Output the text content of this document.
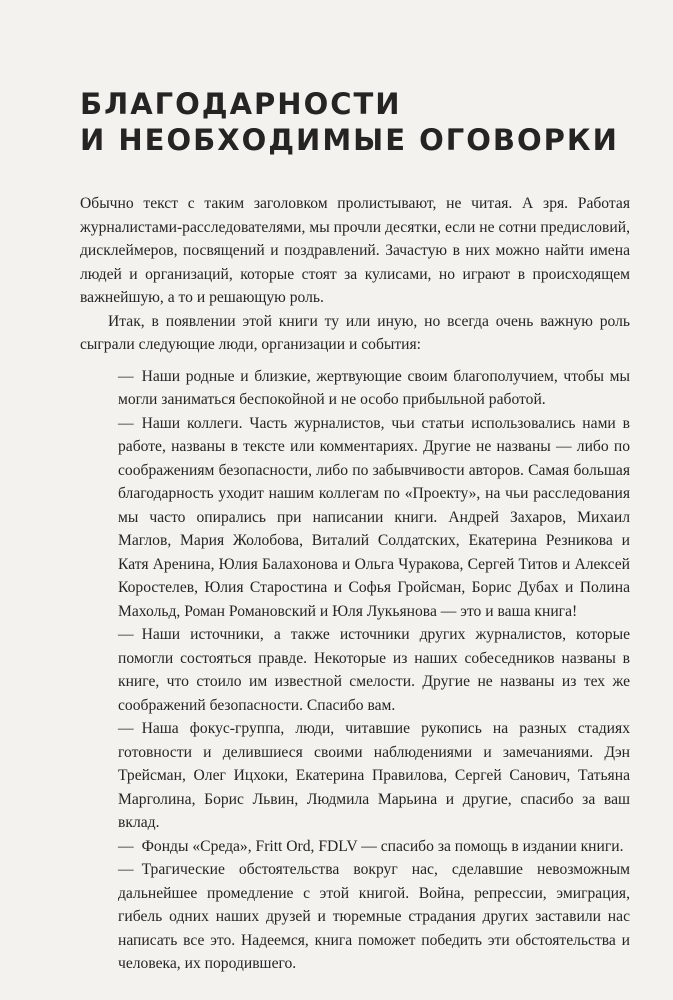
БЛАГОДАРНОСТИ
И НЕОБХОДИМЫЕ ОГОВОРКИ

Обычно текст с таким заголовком пролистывают, не читая. А зря. Работая журналистами-расследователями, мы прочли десятки, если не сотни предисловий, дисклеймеров, посвящений и поздравлений. Зачастую в них можно найти имена людей и организаций, которые стоят за кулисами, но играют в происходящем важнейшую, а то и решающую роль.

Итак, в появлении этой книги ту или иную, но всегда очень важную роль сыграли следующие люди, организации и события:

— Наши родные и близкие, жертвующие своим благополучием, чтобы мы могли заниматься беспокойной и не особо прибыльной работой.

— Наши коллеги. Часть журналистов, чьи статьи использовались нами в работе, названы в тексте или комментариях. Другие не названы — либо по соображениям безопасности, либо по забывчивости авторов. Самая большая благодарность уходит нашим коллегам по «Проекту», на чьи расследования мы часто опирались при написании книги. Андрей Захаров, Михаил Маглов, Мария Жолобова, Виталий Солдатских, Екатерина Резникова и Катя Аренина, Юлия Балахонова и Ольга Чуракова, Сергей Титов и Алексей Коростелев, Юлия Старостина и Софья Гройсман, Борис Дубах и Полина Махольд, Роман Романовский и Юля Лукьянова — это и ваша книга!

— Наши источники, а также источники других журналистов, которые помогли состояться правде. Некоторые из наших собеседников названы в книге, что стоило им известной смелости. Другие не названы из тех же соображений безопасности. Спасибо вам.

— Наша фокус-группа, люди, читавшие рукопись на разных стадиях готовности и делившиеся своими наблюдениями и замечаниями. Дэн Трейсман, Олег Ицхоки, Екатерина Правилова, Сергей Санович, Татьяна Марголина, Борис Львин, Людмила Марьина и другие, спасибо за ваш вклад.

— Фонды «Среда», Fritt Ord, FDLV — спасибо за помощь в издании книги.

— Трагические обстоятельства вокруг нас, сделавшие невозможным дальнейшее промедление с этой книгой. Война, репрессии, эмиграция, гибель одних наших друзей и тюремные страдания других заставили нас написать все это. Надеемся, книга поможет победить эти обстоятельства и человека, их породившего.
